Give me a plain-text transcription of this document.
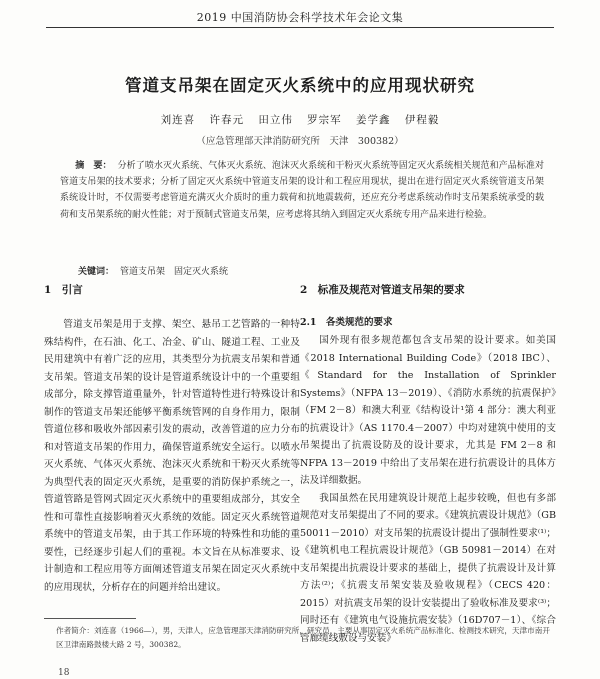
2019 中国消防协会科学技术年会论文集
管道支吊架在固定灭火系统中的应用现状研究
刘连喜 许春元 田立伟 罗宗军 姜学鑫 伊程毅
（应急管理部天津消防研究所　天津　300382）
摘　要： 分析了喷水灭火系统、气体灭火系统、泡沫灭火系统和干粉灭火系统等固定灭火系统相关规范和产品标准对管道支吊架的技术要求；分析了固定灭火系统中管道支吊架的设计和工程应用现状，提出在进行固定灭火系统管道支吊架系统设计时，不仅需要考虑管道充满灭火介质时的重力载荷和抗地震载荷，还应充分考虑系统动作时支吊架系统承受的载荷和支吊架系统的耐火性能；对于预制式管道支吊架，应考虑将其纳入到固定灭火系统专用产品来进行检验。
关键词： 管道支吊架　固定灭火系统
1　引言

管道支吊架是用于支撑、架空、悬吊工艺管路的一种特殊结构件，在石油、化工、冶金、矿山、隧道工程、工业及民用建筑中有着广泛的应用，其类型分为抗震支吊架和普通支吊架。管道支吊架的设计是管道系统设计中的一个重要组成部分，除支撑管道重量外，针对管道特性进行特殊设计和制作的管道支吊架还能够平衡系统管网的自身作用力，限制管道位移和吸收外部因素引发的震动，改善管道的应力分布和对管道支吊架的作用力，确保管道系统安全运行。以喷水灭火系统、气体灭火系统、泡沫灭火系统和干粉灭火系统等为典型代表的固定灭火系统，是重要的消防保护系统之一，管道管路是管网式固定灭火系统中的重要组成部分，其安全性和可靠性直接影响着灭火系统的效能。固定灭火系统管道系统中的管道支吊架，由于其工作环境的特殊性和功能的重要性，已经逐步引起人们的重视。本文旨在从标准要求、设计制造和工程应用等方面阐述管道支吊架在固定灭火系统中的应用现状，分析存在的问题并给出建议。

2　标准及规范对管道支吊架的要求
2.1　各类规范的要求

国外现有很多规范都包含支吊架的设计要求。如美国《2018 International Building Code》（2018 IBC）、《Standard for the Installation of Sprinkler Systems》（NFPA 13－2019）、《消防水系统的抗震保护》（FM 2－8）和澳大利亚《结构设计¹第 4 部分：澳大利亚的抗震设计》（AS 1170.4－2007）中均对建筑中使用的支吊架提出了抗震设防及的设计要求，尤其是 FM 2－8 和 NFPA 13－2019 中给出了支吊架在进行抗震设计的具体方法及详细数据。

我国虽然在民用建筑设计规范上起步较晚，但也有多部规范对支吊架提出了不同的要求。《建筑抗震设计规范》（GB 50011－2010）对支吊架的抗震设计提出了强制性要求⁽¹⁾；《建筑机电工程抗震设计规范》（GB 50981－2014）在对支吊架提出抗震设计要求的基础上，提供了抗震设计及计算方法⁽²⁾；《抗震支吊架安装及验收规程》（CECS 420：2015）对抗震支吊架的设计安装提出了验收标准及要求⁽³⁾；同时还有《建筑电气设施抗震安装》（16D707－1）、《综合管廊缆线敷设与安装》

作者简介：刘连喜（1966—），男，天津人，应急管理部天津消防研究所，研究员，主要从事固定灭火系统产品标准化、检测技术研究，天津市南开区卫津南路鼓楼大路 2 号，300382。
18
